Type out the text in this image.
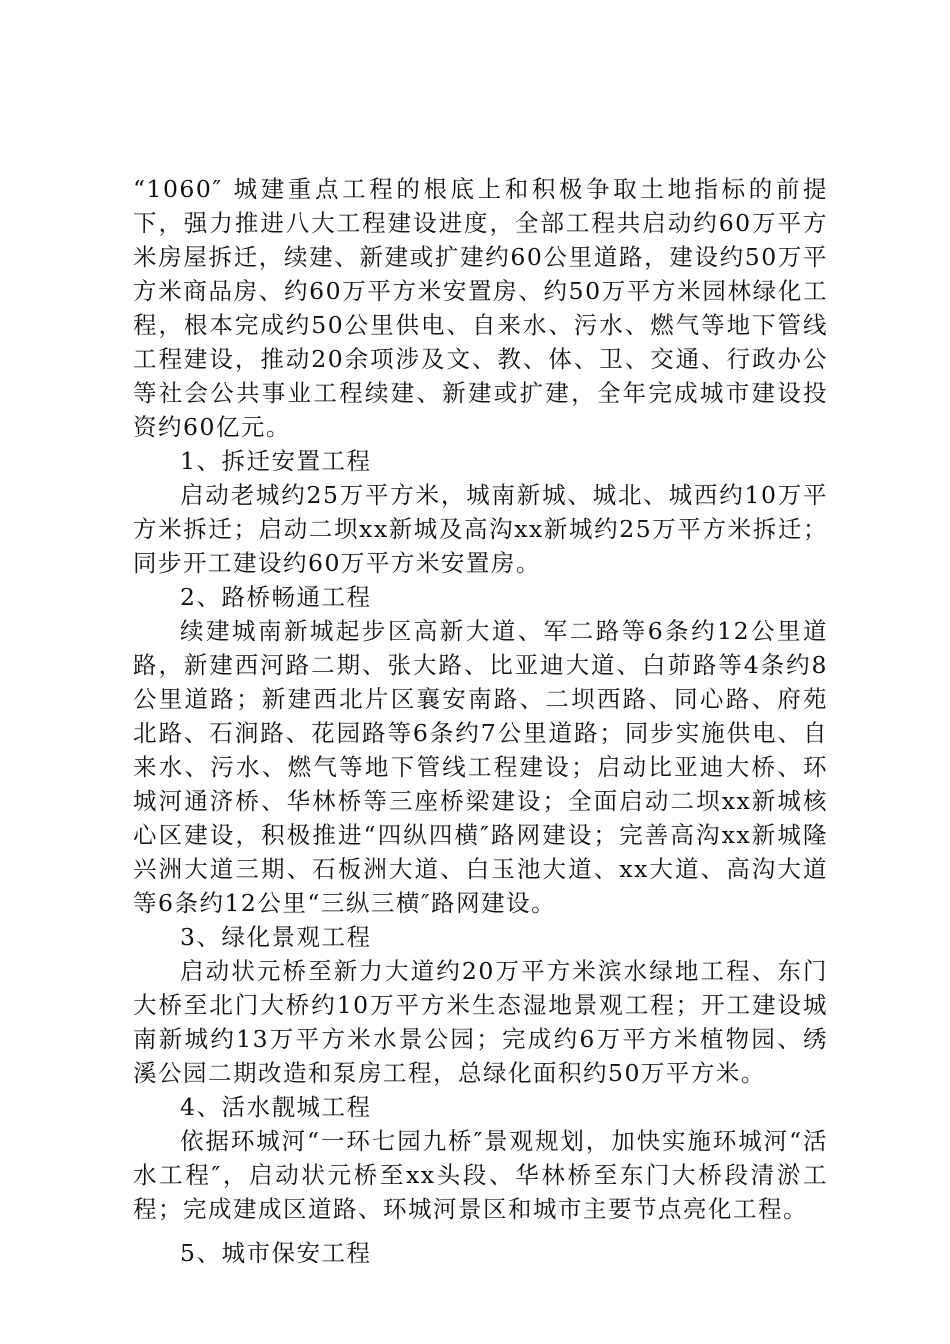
“1060″ 城建重点工程的根底上和积极争取土地指标的前提下，强力推进八大工程建设进度，全部工程共启动约60万平方米房屋拆迁，续建、新建或扩建约60公里道路，建设约50万平方米商品房、约60万平方米安置房、约50万平方米园林绿化工程，根本完成约50公里供电、自来水、污水、燃气等地下管线工程建设，推动20余项涉及文、教、体、卫、交通、行政办公等社会公共事业工程续建、新建或扩建，全年完成城市建设投资约60亿元。

1、拆迁安置工程

启动老城约25万平方米，城南新城、城北、城西约10万平方米拆迁；启动二坝xx新城及高沟xx新城约25万平方米拆迁；同步开工建设约60万平方米安置房。

2、路桥畅通工程

续建城南新城起步区高新大道、军二路等6条约12公里道路，新建西河路二期、张大路、比亚迪大道、白茆路等4条约8公里道路；新建西北片区襄安南路、二坝西路、同心路、府苑北路、石涧路、花园路等6条约7公里道路；同步实施供电、自来水、污水、燃气等地下管线工程建设；启动比亚迪大桥、环城河通济桥、华林桥等三座桥梁建设；全面启动二坝xx新城核心区建设，积极推进“四纵四横″路网建设；完善高沟xx新城隆兴洲大道三期、石板洲大道、白玉池大道、xx大道、高沟大道等6条约12公里“三纵三横″路网建设。

3、绿化景观工程

启动状元桥至新力大道约20万平方米滨水绿地工程、东门大桥至北门大桥约10万平方米生态湿地景观工程；开工建设城南新城约13万平方米水景公园；完成约6万平方米植物园、绣溪公园二期改造和泵房工程，总绿化面积约50万平方米。

4、活水靓城工程

依据环城河“一环七园九桥″景观规划，加快实施环城河“活水工程″，启动状元桥至xx头段、华林桥至东门大桥段清淤工程；完成建成区道路、环城河景区和城市主要节点亮化工程。

5、城市保安工程
